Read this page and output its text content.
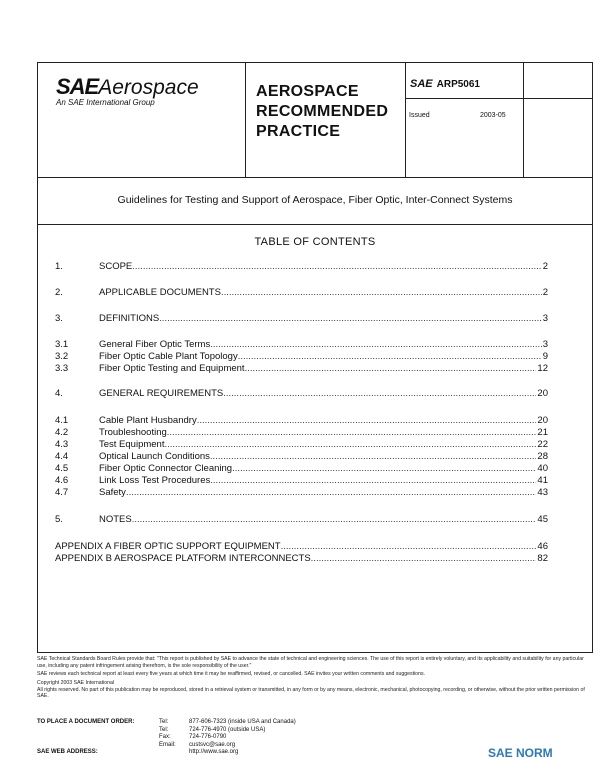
SAEAerospace
An SAE International Group
AEROSPACE
RECOMMENDED
PRACTICE
SAE ARP5061
Issued	2003-05
Guidelines for Testing and Support of Aerospace, Fiber Optic, Inter-Connect Systems
TABLE OF CONTENTS
1.	SCOPE .....	2
2.	APPLICABLE DOCUMENTS .....	2
3.	DEFINITIONS .....	3
3.1	General Fiber Optic Terms .....	3
3.2	Fiber Optic Cable Plant Topology .....	9
3.3	Fiber Optic Testing and Equipment .....	12
4.	GENERAL REQUIREMENTS .....	20
4.1	Cable Plant Husbandry .....	20
4.2	Troubleshooting .....	21
4.3	Test Equipment .....	22
4.4	Optical Launch Conditions .....	28
4.5	Fiber Optic Connector Cleaning .....	40
4.6	Link Loss Test Procedures .....	41
4.7	Safety .....	43
5.	NOTES .....	45
APPENDIX A FIBER OPTIC SUPPORT EQUIPMENT .....	46
APPENDIX B AEROSPACE PLATFORM INTERCONNECTS .....	82

SAE Technical Standards Board Rules provide that: "This report is published by SAE to advance the state of technical and engineering sciences. The use of this report is entirely voluntary, and its applicability and suitability for any particular use, including any patent infringement arising therefrom, is the sole responsibility of the user."

SAE reviews each technical report at least every five years at which time it may be reaffirmed, revised, or cancelled. SAE invites your written comments and suggestions.

Copyright 2003 SAE International

All rights reserved. No part of this publication may be reproduced, stored in a retrieval system or transmitted, in any form or by any means, electronic, mechanical, photocopying, recording, or otherwise, without the prior written permission of SAE.

TO PLACE A DOCUMENT ORDER:	Tel:	877-606-7323 (inside USA and Canada)
Tel:	724-776-4970 (outside USA)
Fax:	724-776-0790
Email:	custsvc@sae.org
SAE WEB ADDRESS:	http://www.sae.org	SAE NORM
